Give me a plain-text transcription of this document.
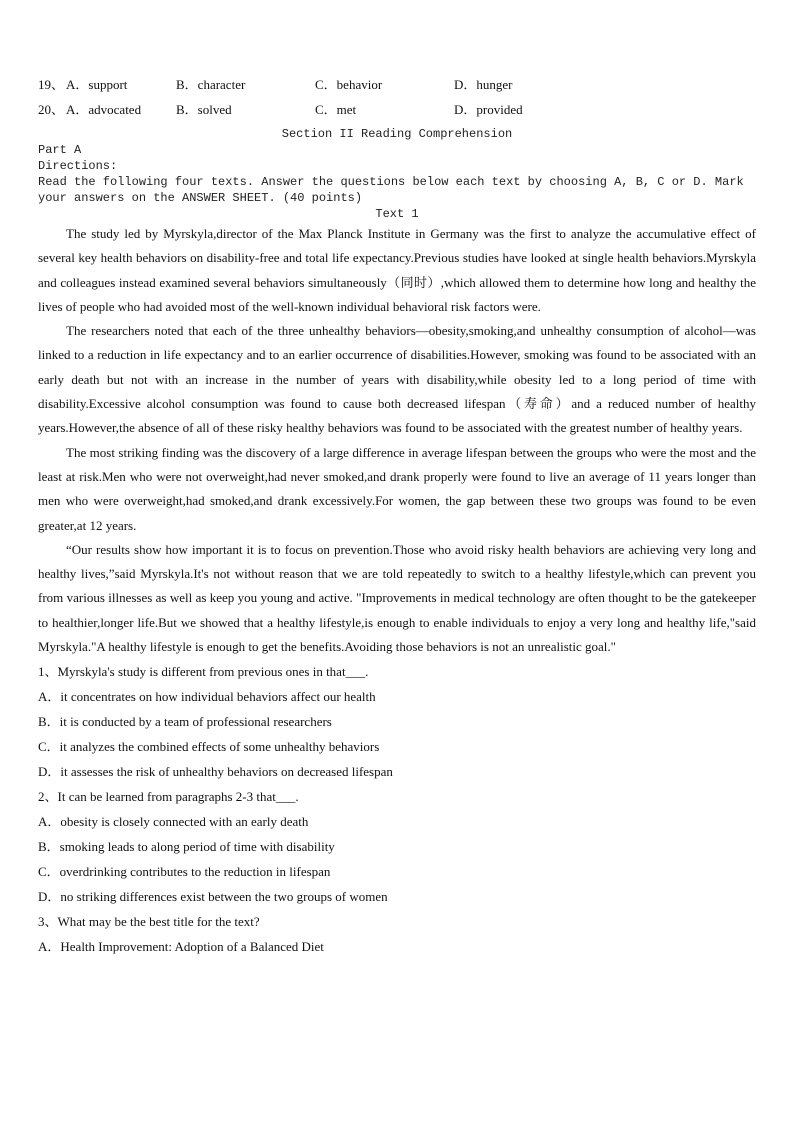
19、 A．support	B．character	C．behavior	D．hunger
20、 A．advocated	B．solved	C．met	D．provided
Section II Reading Comprehension
Part A
Directions:
Read the following four texts. Answer the questions below each text by choosing A, B, C or D. Mark your answers on the ANSWER SHEET. (40 points)
Text 1

The study led by Myrskyla,director of the Max Planck Institute in Germany was the first to analyze the accumulative effect of several key health behaviors on disability-free and total life expectancy.Previous studies have looked at single health behaviors.Myrskyla and colleagues instead examined several behaviors simultaneously（同时）,which allowed them to determine how long and healthy the lives of people who had avoided most of the well-known individual behavioral risk factors were.

The researchers noted that each of the three unhealthy behaviors—obesity,smoking,and unhealthy consumption of alcohol—was linked to a reduction in life expectancy and to an earlier occurrence of disabilities.However, smoking was found to be associated with an early death but not with an increase in the number of years with disability,while obesity led to a long period of time with disability.Excessive alcohol consumption was found to cause both decreased lifespan（寿命）and a reduced number of healthy years.However,the absence of all of these risky healthy behaviors was found to be associated with the greatest number of healthy years.

The most striking finding was the discovery of a large difference in average lifespan between the groups who were the most and the least at risk.Men who were not overweight,had never smoked,and drank properly were found to live an average of 11 years longer than men who were overweight,had smoked,and drank excessively.For women, the gap between these two groups was found to be even greater,at 12 years.

“Our results show how important it is to focus on prevention.Those who avoid risky health behaviors are achieving very long and healthy lives,”said Myrskyla.It's not without reason that we are told repeatedly to switch to a healthy lifestyle,which can prevent you from various illnesses as well as keep you young and active. "Improvements in medical technology are often thought to be the gatekeeper to healthier,longer life.But we showed that a healthy lifestyle,is enough to enable individuals to enjoy a very long and healthy life,"said Myrskyla."A healthy lifestyle is enough to get the benefits.Avoiding those behaviors is not an unrealistic goal."

1、Myrskyla's study is different from previous ones in that___.
A．it concentrates on how individual behaviors affect our health
B．it is conducted by a team of professional researchers
C．it analyzes the combined effects of some unhealthy behaviors
D．it assesses the risk of unhealthy behaviors on decreased lifespan
2、It can be learned from paragraphs 2-3 that___.
A．obesity is closely connected with an early death
B．smoking leads to along period of time with disability
C．overdrinking contributes to the reduction in lifespan
D．no striking differences exist between the two groups of women
3、What may be the best title for the text?
A．Health Improvement: Adoption of a Balanced Diet
